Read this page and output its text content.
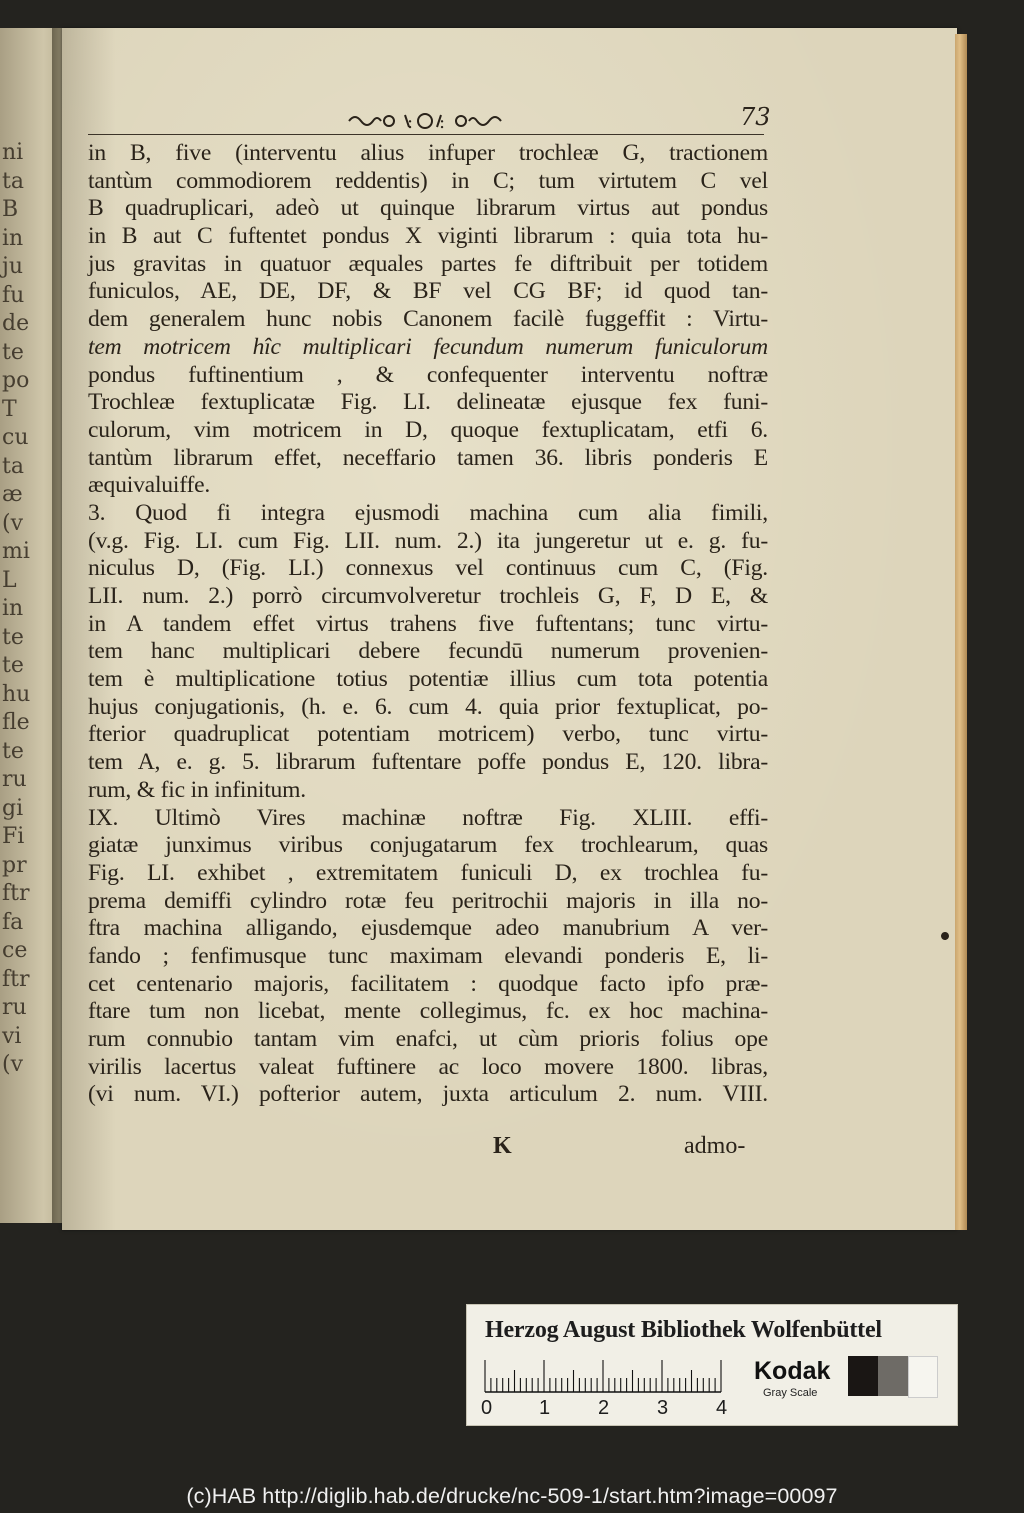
ni
ta
B
in
ju
fu
de
te
po
T
cu
ta
æ
(v
mi
L
in
te
te
hu
fle
te
ru
gi
Fi
pr
ftr
fa
ce
ftr
ru
vi
(v
: :	73
in B, five (interventu alius infuper trochleæ G, tractionem
tantùm commodiorem reddentis) in C; tum virtutem C vel
B quadruplicari, adeò ut quinque librarum virtus aut pondus
in B aut C fuftentet pondus X viginti librarum : quia tota hu-
jus gravitas in quatuor æquales partes fe diftribuit per totidem
funiculos, AE, DE, DF, & BF vel CG BF; id quod tan-
dem generalem hunc nobis Canonem facilè fuggeffit : Virtu-
tem motricem hîc multiplicari fecundum numerum funiculorum
pondus fuftinentium , & confequenter interventu noftræ
Trochleæ fextuplicatæ Fig. LI. delineatæ ejusque fex funi-
culorum, vim motricem in D, quoque fextuplicatam, etfi 6.
tantùm librarum effet, neceffario tamen 36. libris ponderis E
æquivaluiffe.
3. Quod fi integra ejusmodi machina cum alia fimili,
(v.g. Fig. LI. cum Fig. LII. num. 2.) ita jungeretur ut e. g. fu-
niculus D, (Fig. LI.) connexus vel continuus cum C, (Fig.
LII. num. 2.) porrò circumvolveretur trochleis G, F, D E, &
in A tandem effet virtus trahens five fuftentans; tunc virtu-
tem hanc multiplicari debere fecundū numerum provenien-
tem è multiplicatione totius potentiæ illius cum tota potentia
hujus conjugationis, (h. e. 6. cum 4. quia prior fextuplicat, po-
fterior quadruplicat potentiam motricem) verbo, tunc virtu-
tem A, e. g. 5. librarum fuftentare poffe pondus E, 120. libra-
rum, & fic in infinitum.
IX. Ultimò Vires machinæ noftræ Fig. XLIII. effi-
giatæ junximus viribus conjugatarum fex trochlearum, quas
Fig. LI. exhibet , extremitatem funiculi D, ex trochlea fu-
prema demiffi cylindro rotæ feu peritrochii majoris in illa no-
ftra machina alligando, ejusdemque adeo manubrium A ver-
fando ; fenfimusque tunc maximam elevandi ponderis E, li-
cet centenario majoris, facilitatem : quodque facto ipfo præ-
ftare tum non licebat, mente collegimus, fc. ex hoc machina-
rum connubio tantam vim enafci, ut cùm prioris folius ope
virilis lacertus valeat fuftinere ac loco movere 1800. libras,
(vi num. VI.) pofterior autem, juxta articulum 2. num. VIII.
K	admo-
Herzog August Bibliothek Wolfenbüttel
0 1 2 3 4
Kodak
Gray Scale
(c)HAB http://diglib.hab.de/drucke/nc-509-1/start.htm?image=00097
